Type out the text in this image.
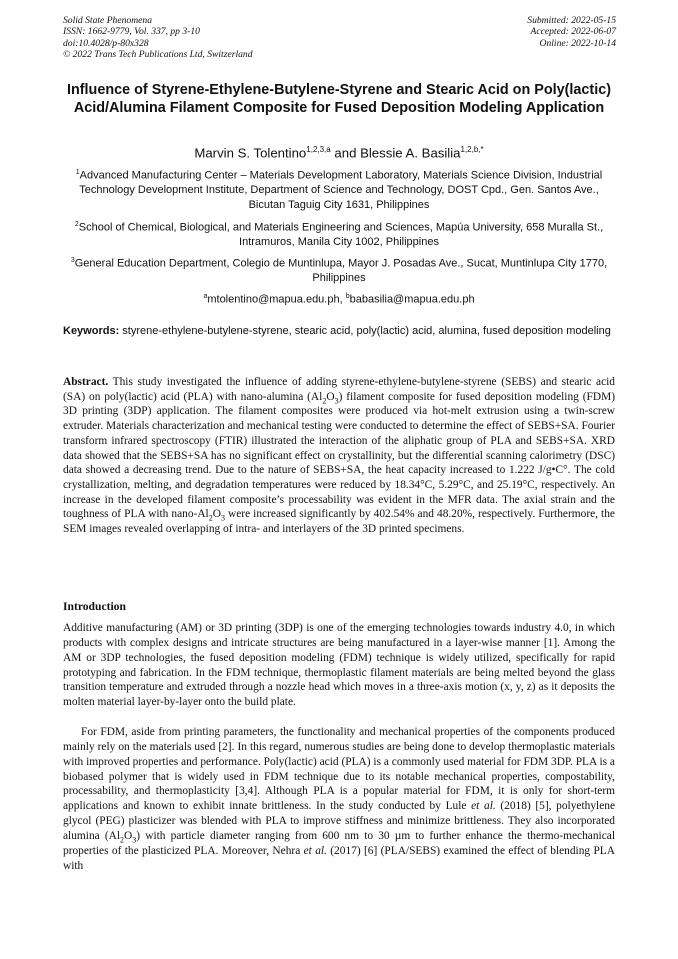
Solid State Phenomena
ISSN: 1662-9779, Vol. 337, pp 3-10
doi:10.4028/p-80x328
© 2022 Trans Tech Publications Ltd, Switzerland
Submitted: 2022-05-15
Accepted: 2022-06-07
Online: 2022-10-14
Influence of Styrene-Ethylene-Butylene-Styrene and Stearic Acid on Poly(lactic) Acid/Alumina Filament Composite for Fused Deposition Modeling Application
Marvin S. Tolentino$^{1,2,3,a}$ and Blessie A. Basilia$^{1,2,b,*}$
$^1$Advanced Manufacturing Center – Materials Development Laboratory, Materials Science Division, Industrial Technology Development Institute, Department of Science and Technology, DOST Cpd., Gen. Santos Ave., Bicutan Taguig City 1631, Philippines
$^2$School of Chemical, Biological, and Materials Engineering and Sciences, Mapúa University, 658 Muralla St., Intramuros, Manila City 1002, Philippines
$^3$General Education Department, Colegio de Muntinlupa, Mayor J. Posadas Ave., Sucat, Muntinlupa City 1770, Philippines
$^a$mtolentino@mapua.edu.ph, $^b$babasilia@mapua.edu.ph

Keywords: styrene-ethylene-butylene-styrene, stearic acid, poly(lactic) acid, alumina, fused deposition modeling

Abstract. This study investigated the influence of adding styrene-ethylene-butylene-styrene (SEBS) and stearic acid (SA) on poly(lactic) acid (PLA) with nano-alumina $(Al_2O_3)$ filament composite for fused deposition modeling (FDM) 3D printing (3DP) application. The filament composites were produced via hot-melt extrusion using a twin-screw extruder. Materials characterization and mechanical testing were conducted to determine the effect of SEBS+SA. Fourier transform infrared spectroscopy (FTIR) illustrated the interaction of the aliphatic group of PLA and SEBS+SA. XRD data showed that the SEBS+SA has no significant effect on crystallinity, but the differential scanning calorimetry (DSC) data showed a decreasing trend. Due to the nature of SEBS+SA, the heat capacity increased to 1.222 J/g•C°. The cold crystallization, melting, and degradation temperatures were reduced by 18.34°C, 5.29°C, and 25.19°C, respectively. An increase in the developed filament composite’s processability was evident in the MFR data. The axial strain and the toughness of PLA with nano-$Al_2O_3$ were increased significantly by 402.54% and 48.20%, respectively. Furthermore, the SEM images revealed overlapping of intra- and interlayers of the 3D printed specimens.

Introduction

Additive manufacturing (AM) or 3D printing (3DP) is one of the emerging technologies towards industry 4.0, in which products with complex designs and intricate structures are being manufactured in a layer-wise manner [1]. Among the AM or 3DP technologies, the fused deposition modeling (FDM) technique is widely utilized, specifically for rapid prototyping and fabrication. In the FDM technique, thermoplastic filament materials are being melted beyond the glass transition temperature and extruded through a nozzle head which moves in a three-axis motion (x, y, z) as it deposits the molten material layer-by-layer onto the build plate.

For FDM, aside from printing parameters, the functionality and mechanical properties of the components produced mainly rely on the materials used [2]. In this regard, numerous studies are being done to develop thermoplastic materials with improved properties and performance. Poly(lactic) acid (PLA) is a commonly used material for FDM 3DP. PLA is a biobased polymer that is widely used in FDM technique due to its notable mechanical properties, compostability, processability, and thermoplasticity [3,4]. Although PLA is a popular material for FDM, it is only for short-term applications and known to exhibit innate brittleness. In the study conducted by Lule et al. (2018) [5], polyethylene glycol (PEG) plasticizer was blended with PLA to improve stiffness and minimize brittleness. They also incorporated alumina $(Al_2O_3)$ with particle diameter ranging from 600 nm to 30 µm to further enhance the thermo-mechanical properties of the plasticized PLA. Moreover, Nehra et al. (2017) [6] (PLA/SEBS) examined the effect of blending PLA with
